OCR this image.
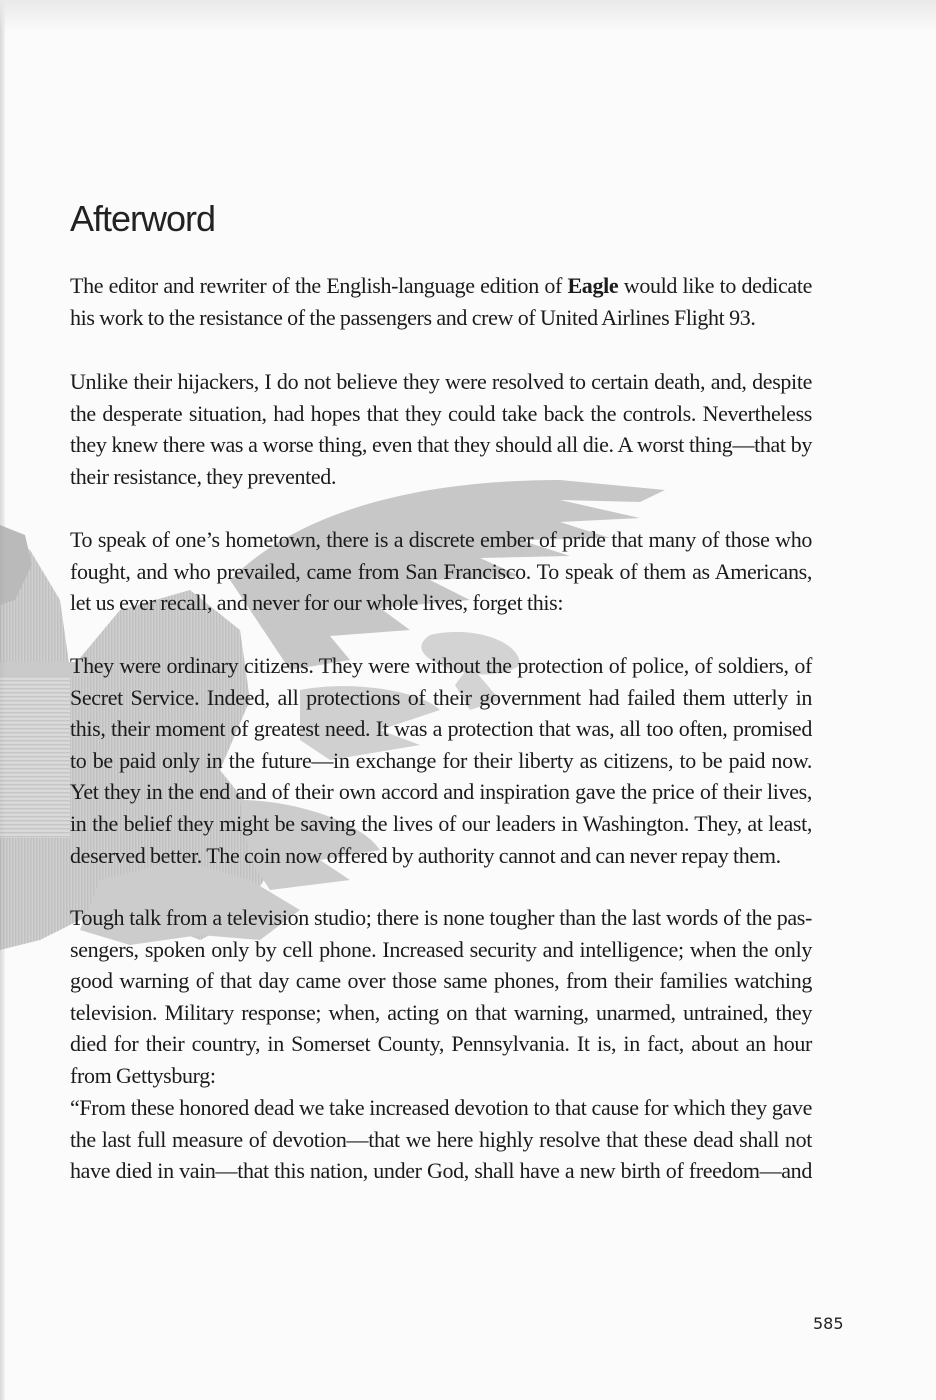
Afterword

The editor and rewriter of the English-language edition of Eagle would like to dedicate
his work to the resistance of the passengers and crew of United Airlines Flight 93.

Unlike their hijackers, I do not believe they were resolved to certain death, and, despite
the desperate situation, had hopes that they could take back the controls. Nevertheless
they knew there was a worse thing, even that they should all die. A worst thing—that by
their resistance, they prevented.

To speak of one’s hometown, there is a discrete ember of pride that many of those who
fought, and who prevailed, came from San Francisco. To speak of them as Americans,
let us ever recall, and never for our whole lives, forget this:

They were ordinary citizens. They were without the protection of police, of soldiers, of
Secret Service. Indeed, all protections of their government had failed them utterly in
this, their moment of greatest need. It was a protection that was, all too often, promised
to be paid only in the future—in exchange for their liberty as citizens, to be paid now.
Yet they in the end and of their own accord and inspiration gave the price of their lives,
in the belief they might be saving the lives of our leaders in Washington. They, at least,
deserved better. The coin now offered by authority cannot and can never repay them.

Tough talk from a television studio; there is none tougher than the last words of the pas-
sengers, spoken only by cell phone. Increased security and intelligence; when the only
good warning of that day came over those same phones, from their families watching
television. Military response; when, acting on that warning, unarmed, untrained, they
died for their country, in Somerset County, Pennsylvania. It is, in fact, about an hour
from Gettysburg:

“From these honored dead we take increased devotion to that cause for which they gave
the last full measure of devotion—that we here highly resolve that these dead shall not
have died in vain—that this nation, under God, shall have a new birth of freedom—and

585
